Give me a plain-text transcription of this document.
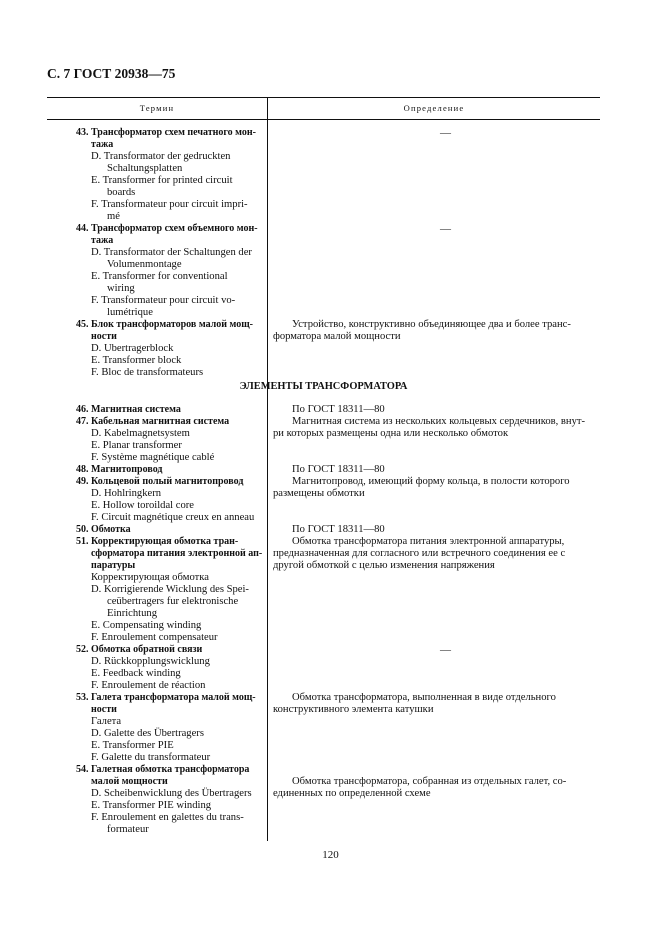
С. 7 ГОСТ 20938—75
Термин	Определение
43. Трансформатор схем печатного мон-
тажа
D. Transformator der gedruckten
Schaltungsplatten
E. Transformer for printed circuit
boards
F. Transformateur pour circuit impri-
mé
44. Трансформатор схем объемного мон-
тажа
D. Transformator der Schaltungen der
Volumenmontage
E. Transformer for conventional
wiring
F. Transformateur pour circuit vo-
lumétrique
45. Блок трансформаторов малой мощ-
ности
D. Ubertragerblock
E. Transformer block
F. Bloc de transformateurs
46. Магнитная система
47. Кабельная магнитная система
D. Kabelmagnetsystem
E. Planar transformer
F. Système magnétique cablé
48. Магнитопровод
49. Кольцевой полый магнитопровод
D. Hohlringkern
E. Hollow toroildal core
F. Circuit magnétique creux en anneau
50. Обмотка
51. Корректирующая обмотка тран-
сформатора питания электронной ап-
паратуры
Корректирующая обмотка
D. Korrigierende Wicklung des Spei-
ceübertragers fur elektronische
Einrichtung
E. Compensating winding
F. Enroulement compensateur
52. Обмотка обратной связи
D. Rückkopplungswicklung
E. Feedback winding
F. Enroulement de réaction
53. Галета трансформатора малой мощ-
ности
Галета
D. Galette des Übertragers
E. Transformer PIE
F. Galette du transformateur
54. Галетная обмотка трансформатора
малой мощности
D. Scheibenwicklung des Übertragers
E. Transformer PIE winding
F. Enroulement en galettes du trans-
formateur
Устройство, конструктивно объединяющее два и более транс-
форматора малой мощности
По ГОСТ 18311—80
Магнитная система из нескольких кольцевых сердечников, внут-
ри которых размещены одна или несколько обмоток
По ГОСТ 18311—80
Магнитопровод, имеющий форму кольца, в полости которого
размещены обмотки
По ГОСТ 18311—80
Обмотка трансформатора питания электронной аппаратуры,
предназначенная для согласного или встречного соединения ее с
другой обмоткой с целью изменения напряжения
Обмотка трансформатора, выполненная в виде отдельного
конструктивного элемента катушки
Обмотка трансформатора, собранная из отдельных галет, со-
единенных по определенной схеме
—
—
—
ЭЛЕМЕНТЫ ТРАНСФОРМАТОРА
120
